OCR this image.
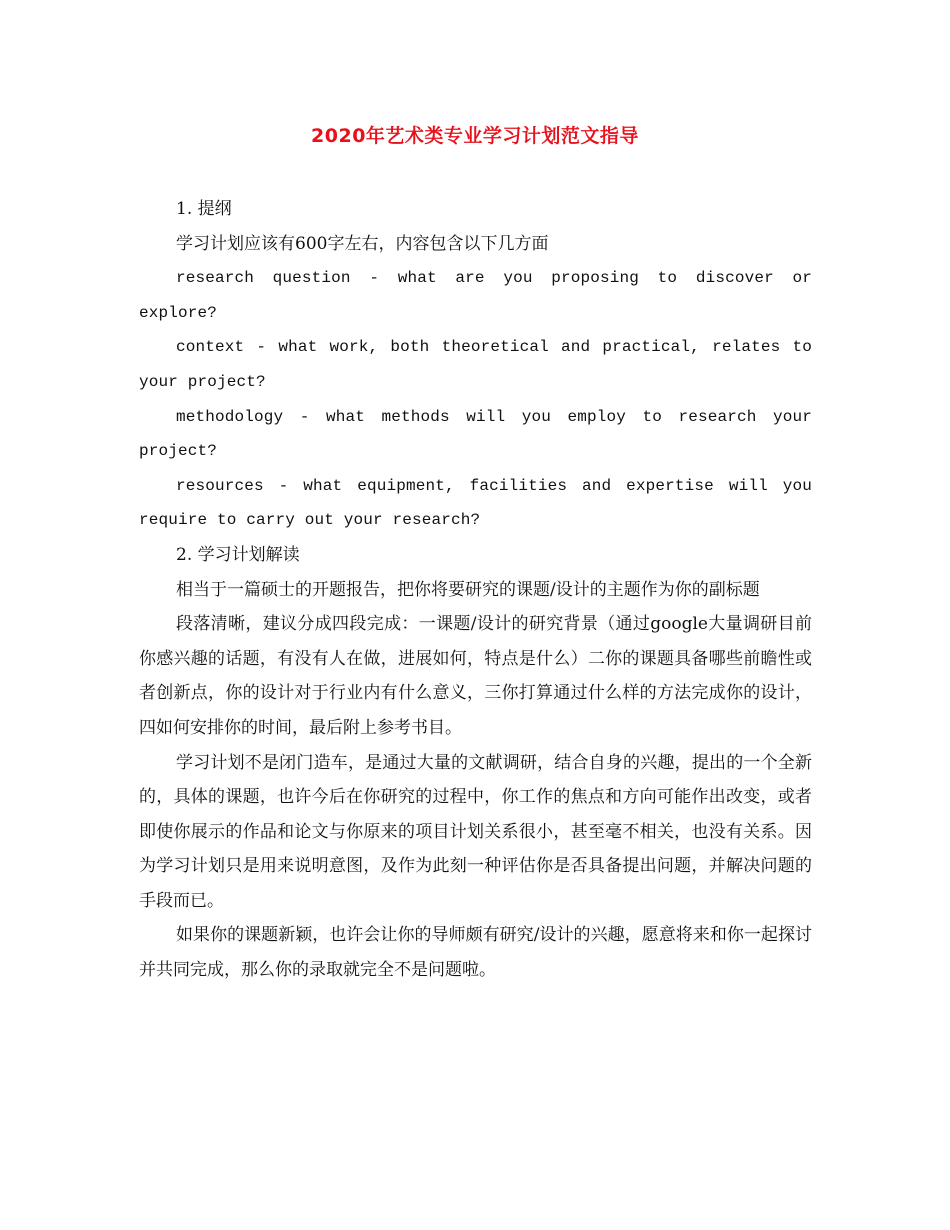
2020年艺术类专业学习计划范文指导

1. 提纲

学习计划应该有600字左右，内容包含以下几方面

research question - what are you proposing to discover or explore?

context - what work, both theoretical and practical, relates to your project?

methodology - what methods will you employ to research your project?

resources - what equipment, facilities and expertise will you require to carry out your research?

2. 学习计划解读

相当于一篇硕士的开题报告，把你将要研究的课题/设计的主题作为你的副标题

段落清晰，建议分成四段完成：一课题/设计的研究背景（通过google大量调研目前你感兴趣的话题，有没有人在做，进展如何，特点是什么）二你的课题具备哪些前瞻性或者创新点，你的设计对于行业内有什么意义，三你打算通过什么样的方法完成你的设计，四如何安排你的时间，最后附上参考书目。

学习计划不是闭门造车，是通过大量的文献调研，结合自身的兴趣，提出的一个全新的，具体的课题，也许今后在你研究的过程中，你工作的焦点和方向可能作出改变，或者即使你展示的作品和论文与你原来的项目计划关系很小，甚至毫不相关，也没有关系。因为学习计划只是用来说明意图，及作为此刻一种评估你是否具备提出问题，并解决问题的手段而已。

如果你的课题新颖，也许会让你的导师颇有研究/设计的兴趣，愿意将来和你一起探讨并共同完成，那么你的录取就完全不是问题啦。
